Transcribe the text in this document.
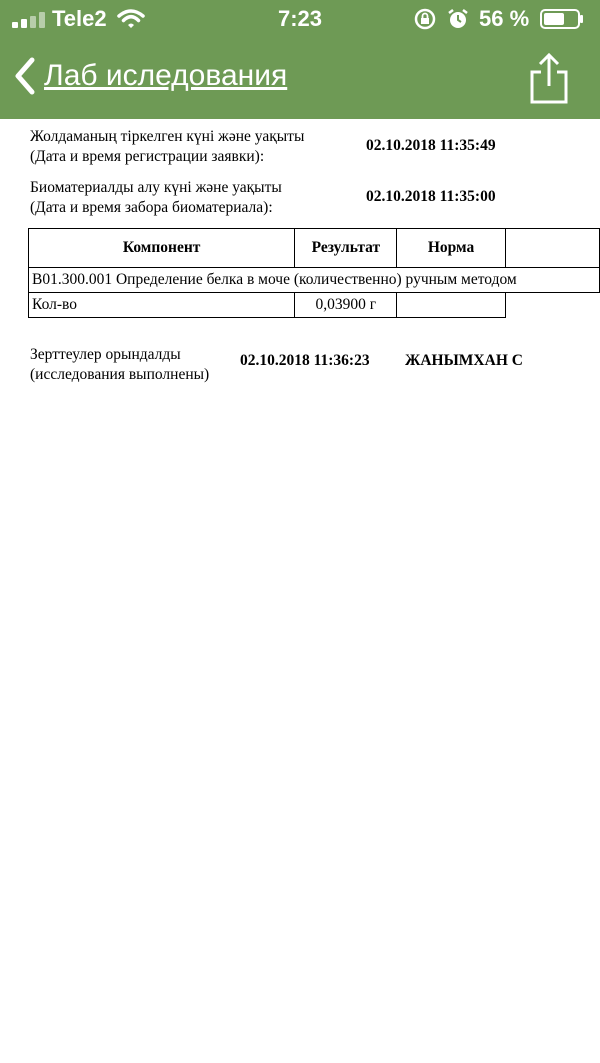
Tele2	7:23	56 %
Лаб иследования
Жолдаманың тіркелген күні және уақыты
(Дата и время регистрации заявки):
02.10.2018 11:35:49
Биоматериалды алу күні және уақыты
(Дата и время забора биоматериала):
02.10.2018 11:35:00
Компонент	Результат	Норма	
B01.300.001 Определение белка в моче (количественно) ручным методом			
Кол-во	0,03900 г		
Зерттеулер орындалды
(исследования выполнены)
02.10.2018 11:36:23 ЖАНЫМХАН С
